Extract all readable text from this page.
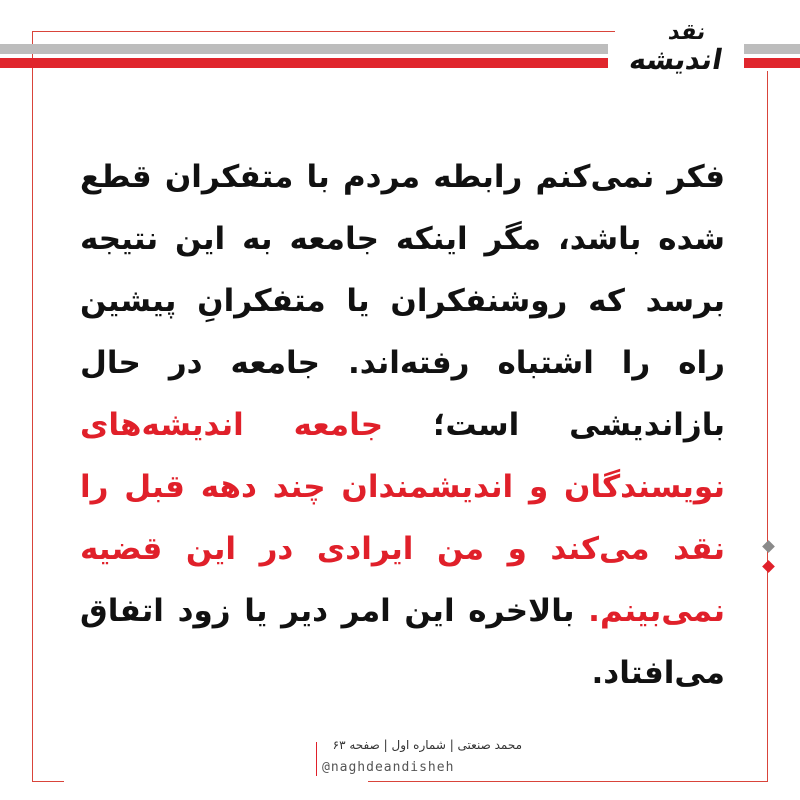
نقد
اندیشه
فکر نمی‌کنم رابطه مردم با متفکران قطع شده باشد، مگر اینکه جامعه به این نتیجه برسد که روشنفکران یا متفکرانِ پیشین راه را اشتباه رفته‌اند. جامعه در حال بازاندیشی است؛ جامعه اندیشه‌های نویسندگان و اندیشمندان چند دهه قبل را نقد می‌کند و من ایرادی در این قضیه نمی‌بینم. بالاخره این امر دیر یا زود اتفاق می‌افتاد.
محمد صنعتی | شماره اول | صفحه ۶۳
@naghdeandisheh
